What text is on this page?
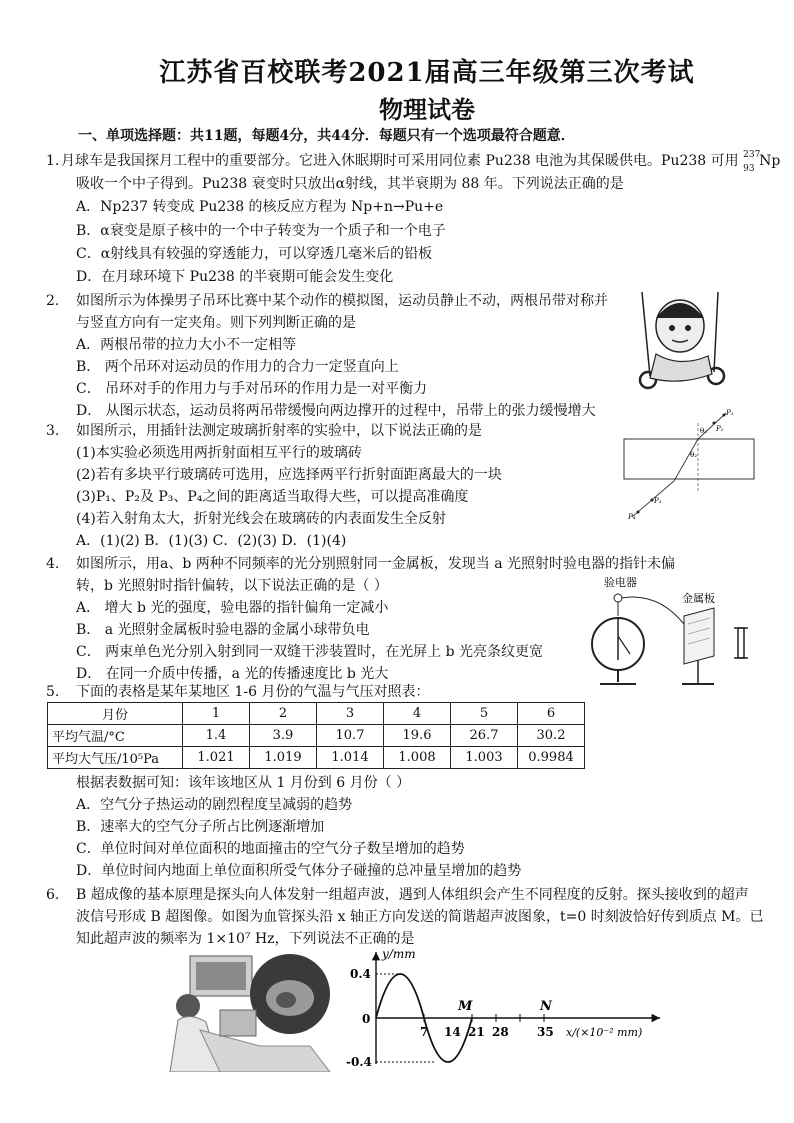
江苏省百校联考2021届高三年级第三次考试
物理试卷
一、单项选择题：共11题，每题4分，共44分．每题只有一个选项最符合题意．
1. 月球车是我国探月工程中的重要部分。它进入休眠期时可采用同位素 Pu238 电池为其保暖供电。Pu238 可用 237
93 Np
吸收一个中子得到。Pu238 衰变时只放出α射线，其半衰期为 88 年。下列说法正确的是
A．Np237 转变成 Pu238 的核反应方程为 Np+n→Pu+e
B．α衰变是原子核中的一个中子转变为一个质子和一个电子
C．α射线具有较强的穿透能力，可以穿透几毫米后的铅板
D．在月球环境下 Pu238 的半衰期可能会发生变化
2. 如图所示为体操男子吊环比赛中某个动作的模拟图，运动员静止不动，两根吊带对称并
与竖直方向有一定夹角。则下列判断正确的是
A．两根吊带的拉力大小不一定相等
B． 两个吊环对运动员的作用力的合力一定竖直向上
C． 吊环对手的作用力与手对吊环的作用力是一对平衡力
D． 从图示状态，运动员将两吊带缓慢向两边撑开的过程中，吊带上的张力缓慢增大
3. 如图所示，用插针法测定玻璃折射率的实验中，以下说法正确的是
(1)本实验必须选用两折射面相互平行的玻璃砖
(2)若有多块平行玻璃砖可选用，应选择两平行折射面距离最大的一块
(3)P₁、P₂及 P₃、P₄之间的距离适当取得大些，可以提高准确度
(4)若入射角太大，折射光线会在玻璃砖的内表面发生全反射
A．(1)(2) B．(1)(3) C．(2)(3) D．(1)(4)
P₁
P₂
P₃
P₄
θ₁
θ₂
4. 如图所示，用a、b 两种不同频率的光分别照射同一金属板，发现当 a 光照射时验电器的指针未偏
转，b 光照射时指针偏转，以下说法正确的是（ ）
A． 增大 b 光的强度，验电器的指针偏角一定减小
B． a 光照射金属板时验电器的金属小球带负电
C． 两束单色光分别入射到同一双缝干涉装置时，在光屏上 b 光亮条纹更宽
D． 在同一介质中传播，a 光的传播速度比 b 光大
验电器
金属板
5. 下面的表格是某年某地区 1-6 月份的气温与气压对照表：
月份	1	2	3	4	5	6
平均气温/°C	1.4	3.9	10.7	19.6	26.7	30.2
平均大气压/10⁵Pa	1.021	1.019	1.014	1.008	1.003	0.9984
根据表数据可知：该年该地区从 1 月份到 6 月份（ ）
A．空气分子热运动的剧烈程度呈减弱的趋势
B．速率大的空气分子所占比例逐渐增加
C．单位时间对单位面积的地面撞击的空气分子数呈增加的趋势
D．单位时间内地面上单位面积所受气体分子碰撞的总冲量呈增加的趋势
6. B 超成像的基本原理是探头向人体发射一组超声波，遇到人体组织会产生不同程度的反射。探头接收到的超声
波信号形成 B 超图像。如图为血管探头沿 x 轴正方向发送的简谐超声波图象，t=0 时刻波恰好传到质点 M。已
知此超声波的频率为 1×10⁷ Hz，下列说法不正确的是
y/mm
x/(×10⁻² mm)
0.4
0
-0.4
7 14 21 28 35
M	N
